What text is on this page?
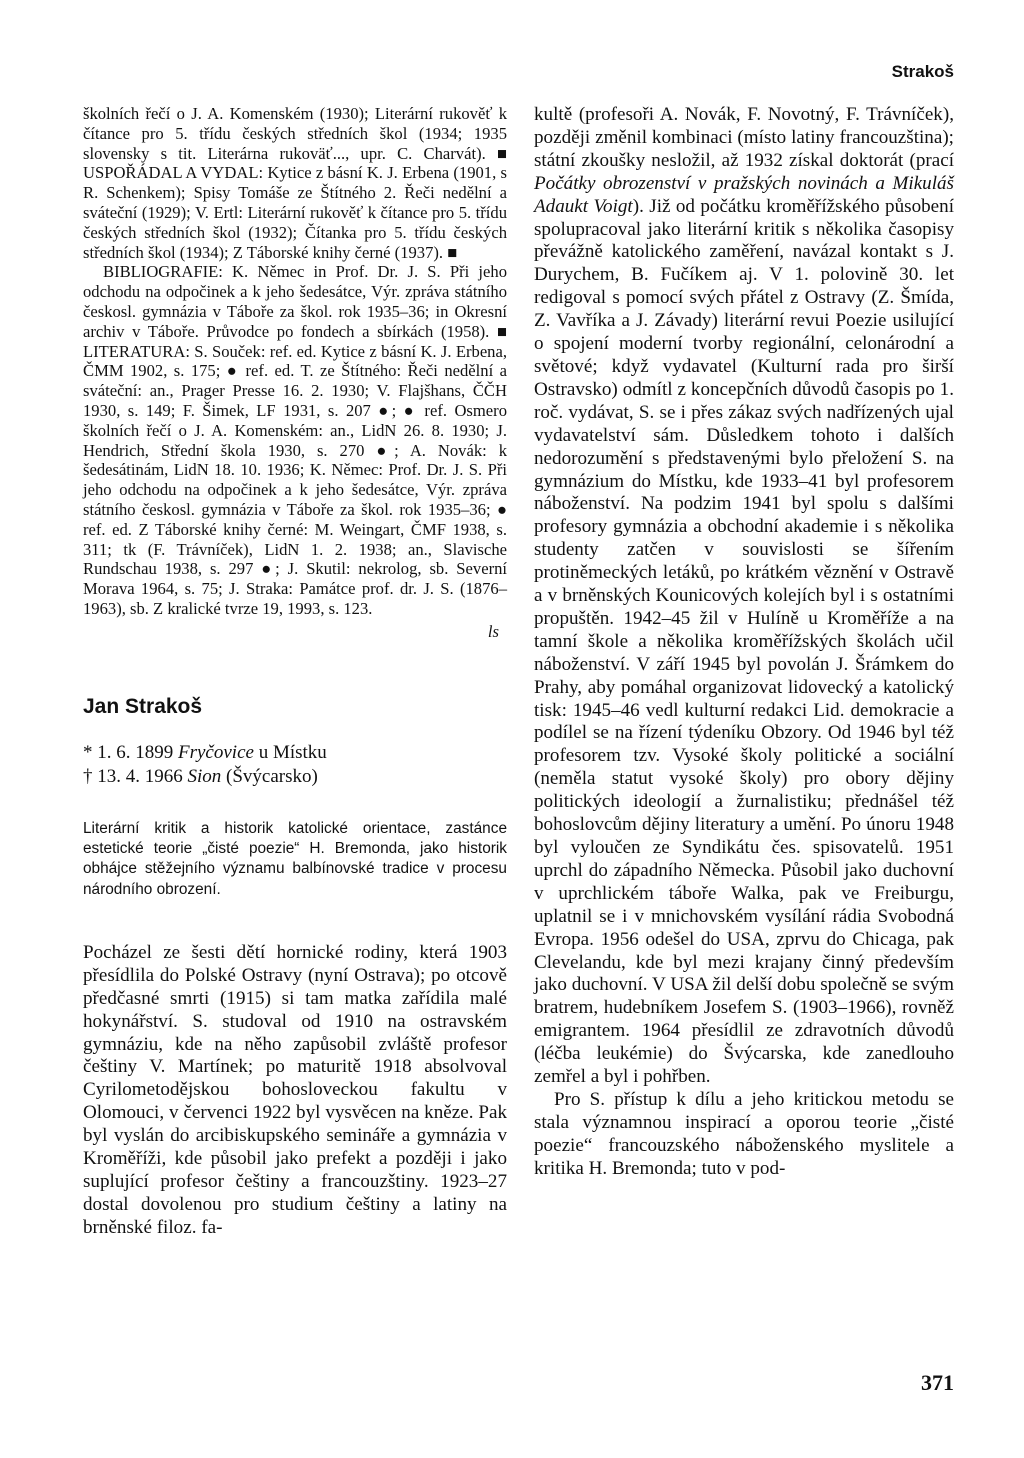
Strakoš

školních řečí o J. A. Komenském (1930); Literární rukověť k čítance pro 5. třídu českých středních škol (1934; 1935 slovensky s tit. Literárna rukoväť..., upr. C. Charvát). ■ USPOŘÁDAL A VYDAL: Kytice z básní K. J. Erbena (1901, s R. Schenkem); Spisy Tomáše ze Štítného 2. Řeči nedělní a sváteční (1929); V. Ertl: Literární rukověť k čítance pro 5. třídu českých středních škol (1932); Čítanka pro 5. třídu českých středních škol (1934); Z Táborské knihy černé (1937). ■

BIBLIOGRAFIE: K. Němec in Prof. Dr. J. S. Při jeho odchodu na odpočinek a k jeho šedesátce, Výr. zpráva státního českosl. gymnázia v Táboře za škol. rok 1935–36; in Okresní archiv v Táboře. Průvodce po fondech a sbírkách (1958). ■ LITERATURA: S. Souček: ref. ed. Kytice z básní K. J. Erbena, ČMM 1902, s. 175; ● ref. ed. T. ze Štítného: Řeči nedělní a sváteční: an., Prager Presse 16. 2. 1930; V. Flajšhans, ČČH 1930, s. 149; F. Šimek, LF 1931, s. 207 ●; ● ref. Osmero školních řečí o J. A. Komenském: an., LidN 26. 8. 1930; J. Hendrich, Střední škola 1930, s. 270 ●; A. Novák: k šedesátinám, LidN 18. 10. 1936; K. Němec: Prof. Dr. J. S. Při jeho odchodu na odpočinek a k jeho šedesátce, Výr. zpráva státního českosl. gymnázia v Táboře za škol. rok 1935–36; ● ref. ed. Z Táborské knihy černé: M. Weingart, ČMF 1938, s. 311; tk (F. Trávníček), LidN 1. 2. 1938; an., Slavische Rundschau 1938, s. 297 ●; J. Skutil: nekrolog, sb. Severní Morava 1964, s. 75; J. Straka: Památce prof. dr. J. S. (1876–1963), sb. Z kralické tvrze 19, 1993, s. 123.

ls

Jan Strakoš
* 1. 6. 1899 Fryčovice u Místku
† 13. 4. 1966 Sion (Švýcarsko)

Literární kritik a historik katolické orientace, zastánce estetické teorie „čisté poezie“ H. Bremonda, jako historik obhájce stěžejního významu balbínovské tradice v procesu národního obrození.

Pocházel ze šesti dětí hornické rodiny, která 1903 přesídlila do Polské Ostravy (nyní Ostrava); po otcově předčasné smrti (1915) si tam matka zařídila malé hokynářství. S. studoval od 1910 na ostravském gymnáziu, kde na něho zapůsobil zvláště profesor češtiny V. Martínek; po maturitě 1918 absolvoval Cyrilometodějskou bohosloveckou fakultu v Olomouci, v červenci 1922 byl vysvěcen na kněze. Pak byl vyslán do arcibiskupského semináře a gymnázia v Kroměříži, kde působil jako prefekt a později i jako suplující profesor češtiny a francouzštiny. 1923–27 dostal dovolenou pro studium češtiny a latiny na brněnské filoz. fa-

kultě (profesoři A. Novák, F. Novotný, F. Trávníček), později změnil kombinaci (místo latiny francouzština); státní zkoušky nesložil, až 1932 získal doktorát (prací Počátky obrozenství v pražských novinách a Mikuláš Adaukt Voigt). Již od počátku kroměřížského působení spolupracoval jako literární kritik s několika časopisy převážně katolického zaměření, navázal kontakt s J. Durychem, B. Fučíkem aj. V 1. polovině 30. let redigoval s pomocí svých přátel z Ostravy (Z. Šmída, Z. Vavříka a J. Závady) literární revui Poezie usilující o spojení moderní tvorby regionální, celonárodní a světové; když vydavatel (Kulturní rada pro širší Ostravsko) odmítl z koncepčních důvodů časopis po 1. roč. vydávat, S. se i přes zákaz svých nadřízených ujal vydavatelství sám. Důsledkem tohoto i dalších nedorozumění s představenými bylo přeložení S. na gymnázium do Místku, kde 1933–41 byl profesorem náboženství. Na podzim 1941 byl spolu s dalšími profesory gymnázia a obchodní akademie i s několika studenty zatčen v souvislosti se šířením protiněmeckých letáků, po krátkém věznění v Ostravě a v brněnských Kounicových kolejích byl i s ostatními propuštěn. 1942–45 žil v Hulíně u Kroměříže a na tamní škole a několika kroměřížských školách učil náboženství. V září 1945 byl povolán J. Šrámkem do Prahy, aby pomáhal organizovat lidovecký a katolický tisk: 1945–46 vedl kulturní redakci Lid. demokracie a podílel se na řízení týdeníku Obzory. Od 1946 byl též profesorem tzv. Vysoké školy politické a sociální (neměla statut vysoké školy) pro obory dějiny politických ideologií a žurnalistiku; přednášel též bohoslovcům dějiny literatury a umění. Po únoru 1948 byl vyloučen ze Syndikátu čes. spisovatelů. 1951 uprchl do západního Německa. Působil jako duchovní v uprchlickém táboře Walka, pak ve Freiburgu, uplatnil se i v mnichovském vysílání rádia Svobodná Evropa. 1956 odešel do USA, zprvu do Chicaga, pak Clevelandu, kde byl mezi krajany činný především jako duchovní. V USA žil delší dobu společně se svým bratrem, hudebníkem Josefem S. (1903–1966), rovněž emigrantem. 1964 přesídlil ze zdravotních důvodů (léčba leukémie) do Švýcarska, kde zanedlouho zemřel a byl i pohřben.

Pro S. přístup k dílu a jeho kritickou metodu se stala významnou inspirací a oporou teorie „čisté poezie“ francouzského náboženského myslitele a kritika H. Bremonda; tuto v pod-

371
